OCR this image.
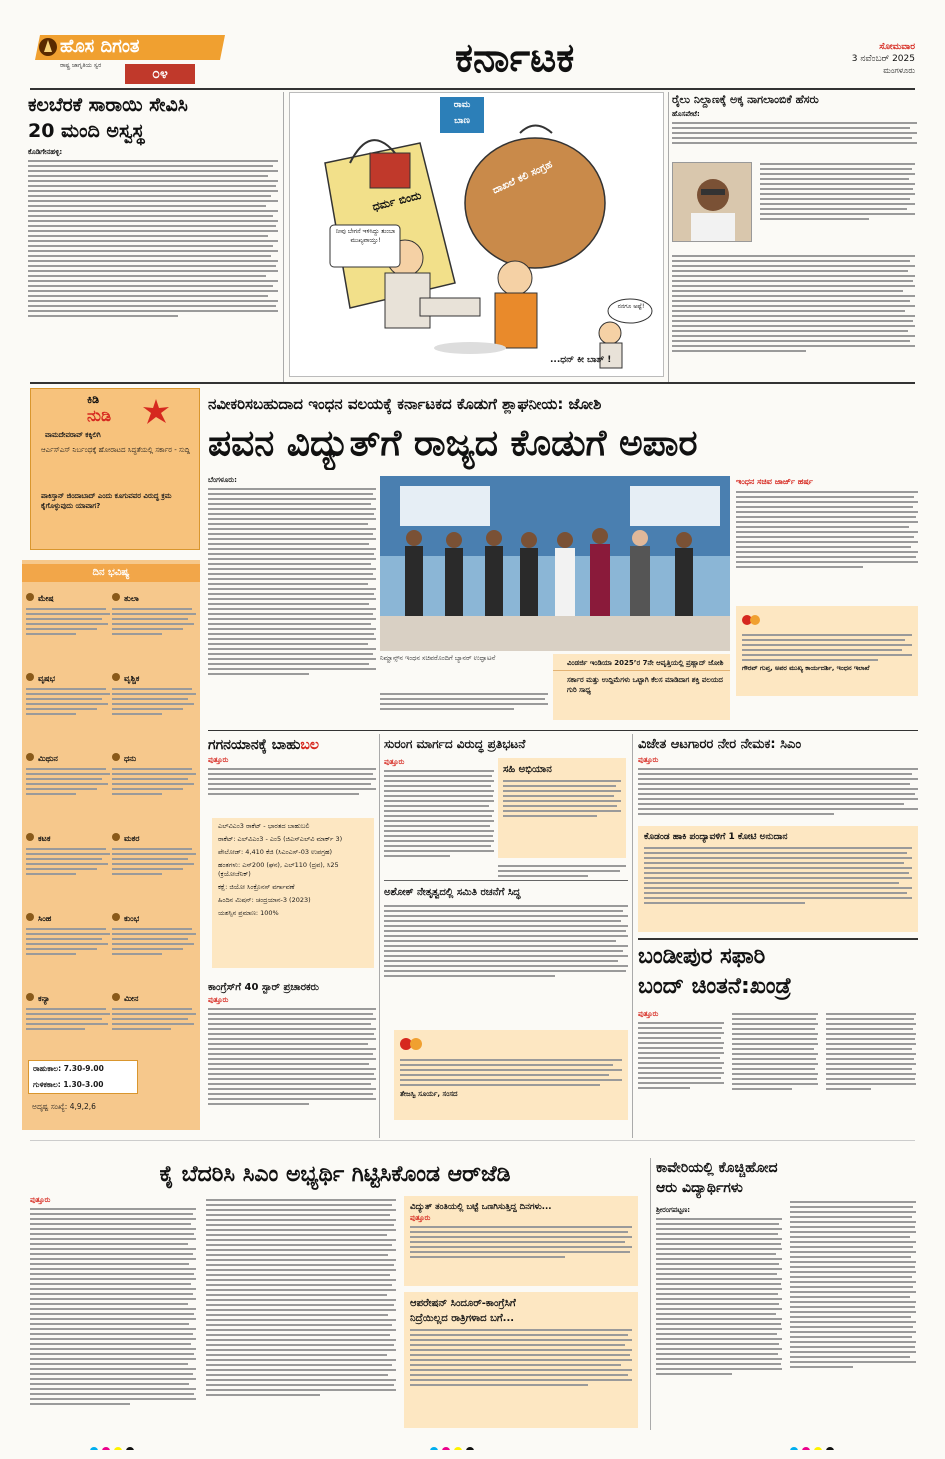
ಹೊಸ ದಿಗಂತ
ರಾಷ್ಟ್ರ ಜಾಗೃತಿಯ ಸ್ವರ
೦೪	ಕರ್ನಾಟಕ	ಸೋಮವಾರ
3 ನವೆಂಬರ್ 2025
ಮಂಗಳೂರು
ಕಲಬೆರಕೆ ಸಾರಾಯಿ ಸೇವಿಸಿ
20 ಮಂದಿ ಅಸ್ವಸ್ಥ
ಕೊಡಿಗೇನಹಳ್ಳಿ:
ರಾಮ
ಬಾಣ
ಧರ್ಮ ಬಿಂದು
ದಾಖಲೆ ಕಲಿ ಸಂಗ್ರಹ
ನೀವು ಬೇಗನೆ ಇಳಿಸಿದ್ದು ತುಂಬಾ ಮುಖ್ಯವಾಯ್ತು!
ನನಗೂ ಅಷ್ಟೆ!
...ಧನ್ ಕೀ ಬಾತ್ !
ರೈಲು ನಿಲ್ದಾಣಕ್ಕೆ ಅಕ್ಕ ನಾಗಲಾಂಬಿಕೆ ಹೆಸರು
ಹೊಸಪೇಟೆ:
ಕಿಡಿ
ನುಡಿ
ವಾಮದೇವರಾವ್ ಕಕ್ಕಿಲಿಗಿ
ಆರ್ಎಸ್ಎಸ್ ನಿರ್ಬಂಧಕ್ಕೆ ಹೋರಾಟದ ಸಿದ್ಧತೆಯಲ್ಲಿ ಸರ್ಕಾರ - ಸುದ್ದಿ
ಪಾಕಿಸ್ತಾನ್ ಜಿಂದಾಬಾದ್ ಎಂದು ಕೂಗುವವರ ವಿರುದ್ಧ ಕ್ರಮ ಕೈಗೊಳ್ಳುವುದು ಯಾವಾಗ?
ದಿನ ಭವಿಷ್ಯ
ಮೇಷ	ತುಲಾ
ವೃಷಭ	ವೃಶ್ಚಿಕ
ಮಿಥುನ	ಧನು
ಕಟಕ	ಮಕರ
ಸಿಂಹ	ಕುಂಭ
ಕನ್ಯಾ	ಮೀನ
ರಾಹುಕಾಲ: 7.30-9.00
ಗುಳಿಕಕಾಲ: 1.30-3.00
ಅದೃಷ್ಟ ಸಂಖ್ಯೆ: 4,9,2,6
ನವೀಕರಿಸಬಹುದಾದ ಇಂಧನ ವಲಯಕ್ಕೆ ಕರ್ನಾಟಕದ ಕೊಡುಗೆ ಶ್ಲಾಘನೀಯ: ಜೋಶಿ
ಪವನ ವಿದ್ಯುತ್‌ಗೆ ರಾಜ್ಯದ ಕೊಡುಗೆ ಅಪಾರ
ಬೆಂಗಳೂರು:
ನಿಮ್ಹಾನ್ಸ್‌ನ ಇಂಧನ ಸಚಿವರೊಂದಿಗೆ ಬ್ಯಾನರ್ ಉದ್ಘಾಟನೆ
ವಿಂಡರ್ಜಿ ಇಂಡಿಯಾ 2025’ರ 7ನೇ ಆವೃತ್ತಿಯಲ್ಲಿ ಪ್ರಹ್ಲಾದ್ ಜೋಶಿ
ಸರ್ಕಾರ ಮತ್ತು ಉದ್ದಿಮೆಗಳು ಒಟ್ಟಾಗಿ ಕೆಲಸ ಮಾಡಿದಾಗ ಶಕ್ತಿ ವಲಯದ ಗುರಿ ಸಾಧ್ಯ
ಇಂಧನ ಸಚಿವ ಜಾರ್ಜ್ ಹರ್ಷ
ಗೌರವ್ ಗುಪ್ತ, ಅಪರ ಮುಖ್ಯ ಕಾರ್ಯದರ್ಶಿ, ಇಂಧನ ಇಲಾಖೆ
ಗಗನಯಾನಕ್ಕೆ ಬಾಹುಬಲ
ಪುತ್ತೂರು
ಎಲ್‌ವಿಎಂ3 ರಾಕೆಟ್ - ಭಾರತದ ಬಾಹುಬಲಿ
ರಾಕೆಟ್: ಎಲ್‌ವಿಎಂ3 - ಎಂ5 (ಜಿಎಸ್‌ಎಲ್‌ವಿ ಮಾರ್ಕ್ 3)
ಪೇಲೋಡ್: 4,410 ಕೆಜಿ (ಸಿಎಂಎಸ್-03 ಉಪಗ್ರಹ)
ಹಂತಗಳು: ಎಸ್200 (ಘನ), ಎಲ್110 (ದ್ರವ), ಸಿ25 (ಕ್ರಯೋಜೆನಿಕ್)
ಕಕ್ಷೆ: ಜಿಯೋ ಸಿಂಕ್ರೊನಸ್ ವರ್ಗಾವಣೆ
ಹಿಂದಿನ ಮಿಷನ್: ಚಂದ್ರಯಾನ-3 (2023)
ಯಶಸ್ಸಿನ ಪ್ರಮಾಣ: 100%
ಕಾಂಗ್ರೆಸ್‌ಗೆ 40 ಸ್ಟಾರ್ ಪ್ರಚಾರಕರು
ಪುತ್ತೂರು
ಸುರಂಗ ಮಾರ್ಗದ ವಿರುದ್ಧ ಪ್ರತಿಭಟನೆ
ಪುತ್ತೂರು
ಸಹಿ ಅಭಿಯಾನ
ಅಶೋಕ್ ನೇತೃತ್ವದಲ್ಲಿ ಸಮಿತಿ ರಚನೆಗೆ ಸಿದ್ಧ
ತೇಜಸ್ವಿ ಸೂರ್ಯ, ಸಂಸದ
ವಿಜೇತ ಆಟಗಾರರ ನೇರ ನೇಮಕ: ಸಿಎಂ
ಪುತ್ತೂರು
ಕೊಡಂಡ ಹಾಕಿ ಪಂದ್ಯಾವಳಿಗೆ 1 ಕೋಟಿ ಅನುದಾನ
ಬಂಡೀಪುರ ಸಫಾರಿ
ಬಂದ್ ಚಿಂತನೆ:ಖಂಡ್ರೆ
ಪುತ್ತೂರು
ಕೈ ಬೆದರಿಸಿ ಸಿಎಂ ಅಭ್ಯರ್ಥಿ ಗಿಟ್ಟಿಸಿಕೊಂಡ ಆರ್‌ಜೆಡಿ
ಪುತ್ತೂರು
ವಿದ್ಯುತ್ ತಂತಿಯಲ್ಲಿ ಬಟ್ಟೆ ಒಣಗಿಸುತ್ತಿದ್ದ ದಿನಗಳು...
ಪುತ್ತೂರು
ಆಪರೇಷನ್ ಸಿಂದೂರ್-ಕಾಂಗ್ರೆಸಿಗೆ
ನಿದ್ರೆಯಿಲ್ಲದ ರಾತ್ರಿಗಳಾದ ಬಗೆ...
ಕಾವೇರಿಯಲ್ಲಿ ಕೊಚ್ಚಿಹೋದ
ಆರು ವಿದ್ಯಾರ್ಥಿಗಳು
ಶ್ರೀರಂಗಪಟ್ಟಣ:
